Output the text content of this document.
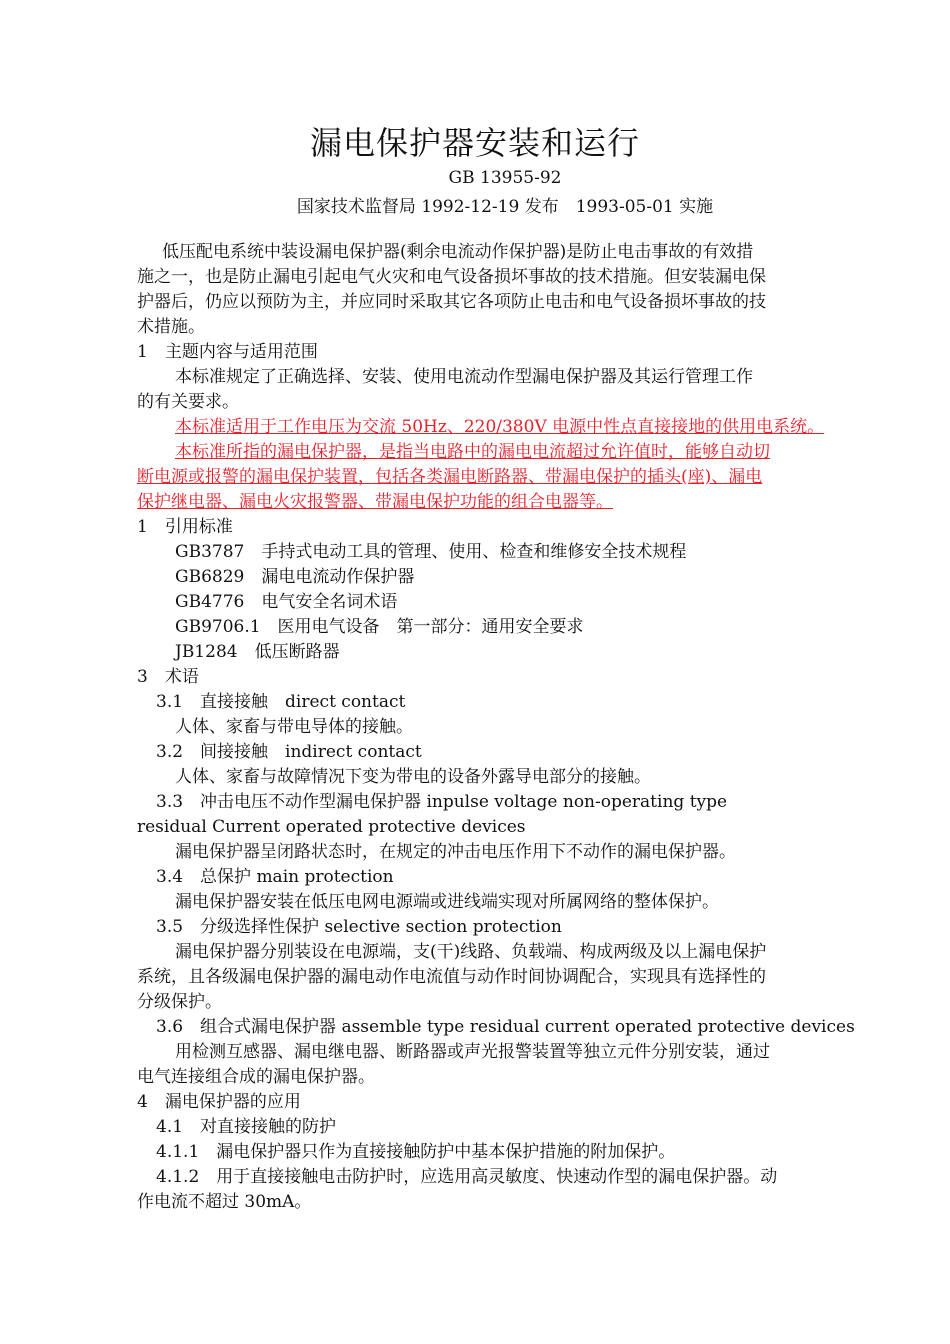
漏电保护器安装和运行
GB 13955-92
国家技术监督局 1992-12-19 发布　1993-05-01 实施
低压配电系统中装设漏电保护器(剩余电流动作保护器)是防止电击事故的有效措
施之一，也是防止漏电引起电气火灾和电气设备损坏事故的技术措施。但安装漏电保
护器后，仍应以预防为主，并应同时采取其它各项防止电击和电气设备损坏事故的技
术措施。
1　主题内容与适用范围
本标准规定了正确选择、安装、使用电流动作型漏电保护器及其运行管理工作
的有关要求。
本标准适用于工作电压为交流 50Hz、220/380V 电源中性点直接接地的供用电系统。
本标准所指的漏电保护器，是指当电路中的漏电电流超过允许值时，能够自动切
断电源或报警的漏电保护装置，包括各类漏电断路器、带漏电保护的插头(座)、漏电
保护继电器、漏电火灾报警器、带漏电保护功能的组合电器等。
1　引用标准
GB3787　手持式电动工具的管理、使用、检查和维修安全技术规程
GB6829　漏电电流动作保护器
GB4776　电气安全名词术语
GB9706.1　医用电气设备　第一部分：通用安全要求
JB1284　低压断路器
3　术语
3.1　直接接触　direct contact
人体、家畜与带电导体的接触。
3.2　间接接触　indirect contact
人体、家畜与故障情况下变为带电的设备外露导电部分的接触。
3.3　冲击电压不动作型漏电保护器 inpulse voltage non-operating type
residual Current operated protective devices
漏电保护器呈闭路状态时，在规定的冲击电压作用下不动作的漏电保护器。
3.4　总保护 main protection
漏电保护器安装在低压电网电源端或进线端实现对所属网络的整体保护。
3.5　分级选择性保护 selective section protection
漏电保护器分别装设在电源端，支(干)线路、负载端、构成两级及以上漏电保护
系统，且各级漏电保护器的漏电动作电流值与动作时间协调配合，实现具有选择性的
分级保护。
3.6　组合式漏电保护器 assemble type residual current operated protective devices
用检测互感器、漏电继电器、断路器或声光报警装置等独立元件分别安装，通过
电气连接组合成的漏电保护器。
4　漏电保护器的应用
4.1　对直接接触的防护
4.1.1　漏电保护器只作为直接接触防护中基本保护措施的附加保护。
4.1.2　用于直接接触电击防护时，应选用高灵敏度、快速动作型的漏电保护器。动
作电流不超过 30mA。
